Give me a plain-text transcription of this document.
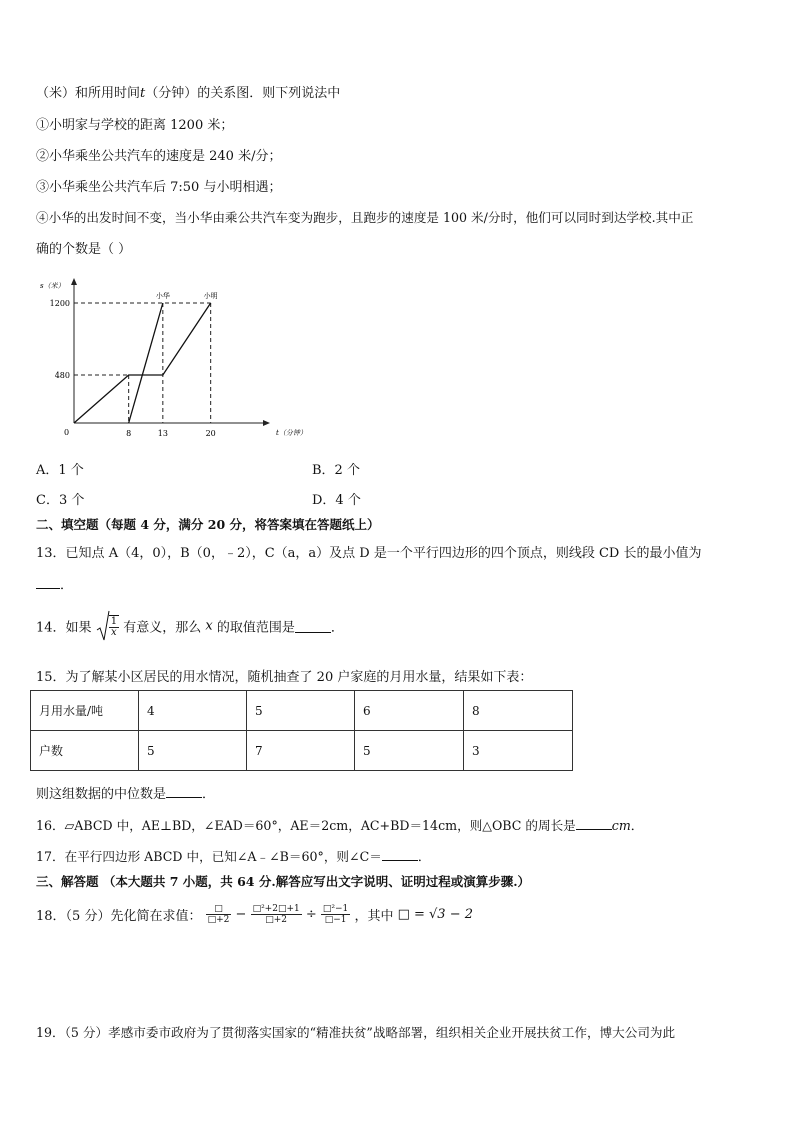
（米）和所用时间t（分钟）的关系图．则下列说法中
①小明家与学校的距离 1200 米；
②小华乘坐公共汽车的速度是 240 米/分；
③小华乘坐公共汽车后 7:50 与小明相遇；
④小华的出发时间不变，当小华由乘公共汽车变为跑步，且跑步的速度是 100 米/分时，他们可以同时到达学校.其中正
确的个数是（ ）
t（分钟）
s（米）
0	8	13	20
480
1200
小华	小明
A．1 个	B．2 个
C．3 个	D．4 个
二、填空题（每题 4 分，满分 20 分，将答案填在答题纸上）
13．已知点 A（4，0），B（0，﹣2），C（a，a）及点 D 是一个平行四边形的四个顶点，则线段 CD 长的最小值为
．
14．如果 $\frac{1}{x}$ 有意义，那么 x 的取值范围是	．
15．为了解某小区居民的用水情况，随机抽查了 20 户家庭的月用水量，结果如下表：
月用水量/吨	4	5	6	8
户数	5	7	5	3
则这组数据的中位数是	．
16．▱ABCD 中，AE⊥BD，∠EAD＝60°，AE＝2cm，AC+BD＝14cm，则△OBC 的周长是	cm．
17．在平行四边形 ABCD 中，已知∠A﹣∠B＝60°，则∠C＝	．
三、解答题 （本大题共 7 小题，共 64 分.解答应写出文字说明、证明过程或演算步骤.）
18．（5 分）先化简在求值： $\frac{□}{□+2} - \frac{\text{□²+2□+1}}{□+2} \div \frac{\text{□²−1}}{□-1}$ ，其中 □ = √3 − 2
19．（5 分）孝感市委市政府为了贯彻落实国家的“精准扶贫”战略部署，组织相关企业开展扶贫工作，博大公司为此
